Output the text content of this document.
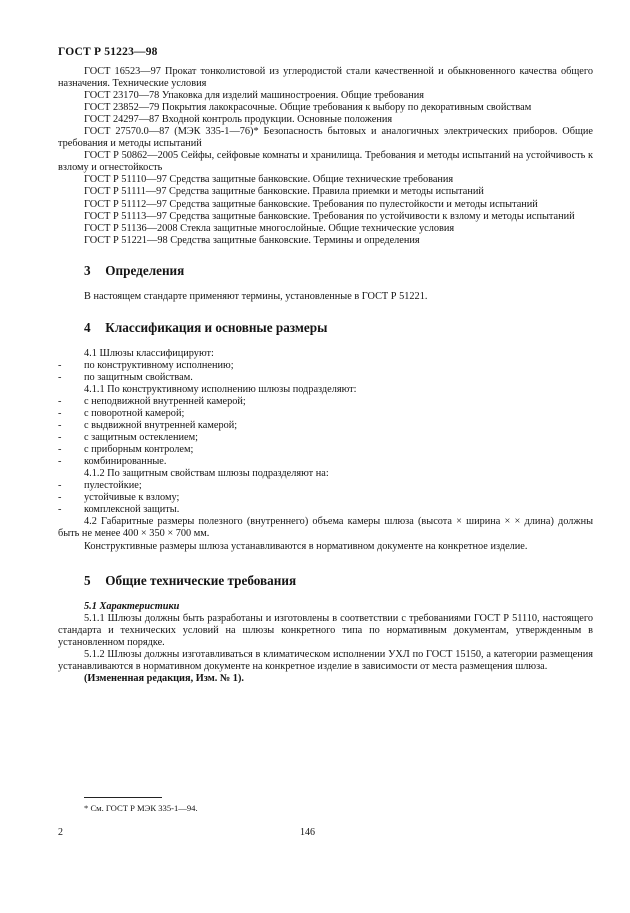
ГОСТ Р 51223—98

ГОСТ 16523—97 Прокат тонколистовой из углеродистой стали качественной и обыкновенного качества общего назначения. Технические условия

ГОСТ 23170—78 Упаковка для изделий машиностроения. Общие требования

ГОСТ 23852—79 Покрытия лакокрасочные. Общие требования к выбору по декоративным свойствам

ГОСТ 24297—87 Входной контроль продукции. Основные положения

ГОСТ 27570.0—87 (МЭК 335-1—76)* Безопасность бытовых и аналогичных электрических приборов. Общие требования и методы испытаний

ГОСТ Р 50862—2005 Сейфы, сейфовые комнаты и хранилища. Требования и методы испытаний на устойчивость к взлому и огнестойкость

ГОСТ Р 51110—97 Средства защитные банковские. Общие технические требования

ГОСТ Р 51111—97 Средства защитные банковские. Правила приемки и методы испытаний

ГОСТ Р 51112—97 Средства защитные банковские. Требования по пулестойкости и методы испытаний

ГОСТ Р 51113—97 Средства защитные банковские. Требования по устойчивости к взлому и методы испытаний

ГОСТ Р 51136—2008 Стекла защитные многослойные. Общие технические условия

ГОСТ Р 51221—98 Средства защитные банковские. Термины и определения

3 Определения

В настоящем стандарте применяют термины, установленные в ГОСТ Р 51221.

4 Классификация и основные размеры

4.1 Шлюзы классифицируют:

- по конструктивному исполнению;

- по защитным свойствам.

4.1.1 По конструктивному исполнению шлюзы подразделяют:

- с неподвижной внутренней камерой;

- с поворотной камерой;

- с выдвижной внутренней камерой;

- с защитным остеклением;

- с приборным контролем;

- комбинированные.

4.1.2 По защитным свойствам шлюзы подразделяют на:

- пулестойкие;

- устойчивые к взлому;

- комплексной защиты.

4.2 Габаритные размеры полезного (внутреннего) объема камеры шлюза (высота × ширина × × длина) должны быть не менее 400 × 350 × 700 мм.

Конструктивные размеры шлюза устанавливаются в нормативном документе на конкретное изделие.

5 Общие технические требования

5.1 Характеристики

5.1.1 Шлюзы должны быть разработаны и изготовлены в соответствии с требованиями ГОСТ Р 51110, настоящего стандарта и технических условий на шлюзы конкретного типа по нормативным документам, утвержденным в установленном порядке.

5.1.2 Шлюзы должны изготавливаться в климатическом исполнении УХЛ по ГОСТ 15150, а категории размещения устанавливаются в нормативном документе на конкретное изделие в зависимости от места размещения шлюза.

(Измененная редакция, Изм. № 1).

* См. ГОСТ Р МЭК 335-1—94.
2	146
